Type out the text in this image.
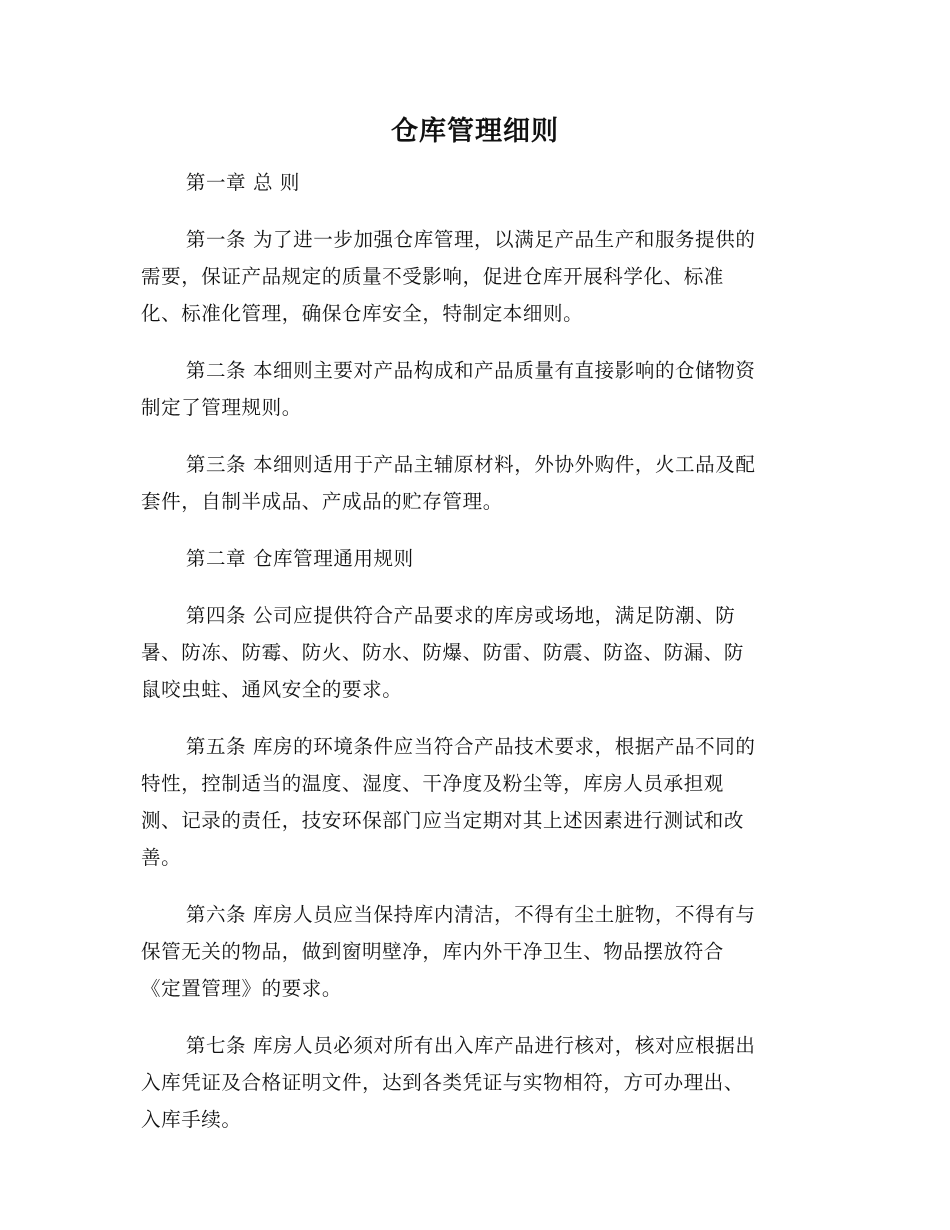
仓库管理细则
第一章 总 则
第一条 为了进一步加强仓库管理，以满足产品生产和服务提供的
需要，保证产品规定的质量不受影响，促进仓库开展科学化、标准
化、标准化管理，确保仓库安全，特制定本细则。
第二条 本细则主要对产品构成和产品质量有直接影响的仓储物资
制定了管理规则。
第三条 本细则适用于产品主辅原材料，外协外购件，火工品及配
套件，自制半成品、产成品的贮存管理。
第二章 仓库管理通用规则
第四条 公司应提供符合产品要求的库房或场地，满足防潮、防
暑、防冻、防霉、防火、防水、防爆、防雷、防震、防盗、防漏、防
鼠咬虫蛀、通风安全的要求。
第五条 库房的环境条件应当符合产品技术要求，根据产品不同的
特性，控制适当的温度、湿度、干净度及粉尘等，库房人员承担观
测、记录的责任，技安环保部门应当定期对其上述因素进行测试和改
善。
第六条 库房人员应当保持库内清洁，不得有尘土脏物，不得有与
保管无关的物品，做到窗明壁净，库内外干净卫生、物品摆放符合
《定置管理》的要求。
第七条 库房人员必须对所有出入库产品进行核对，核对应根据出
入库凭证及合格证明文件，达到各类凭证与实物相符，方可办理出、
入库手续。
